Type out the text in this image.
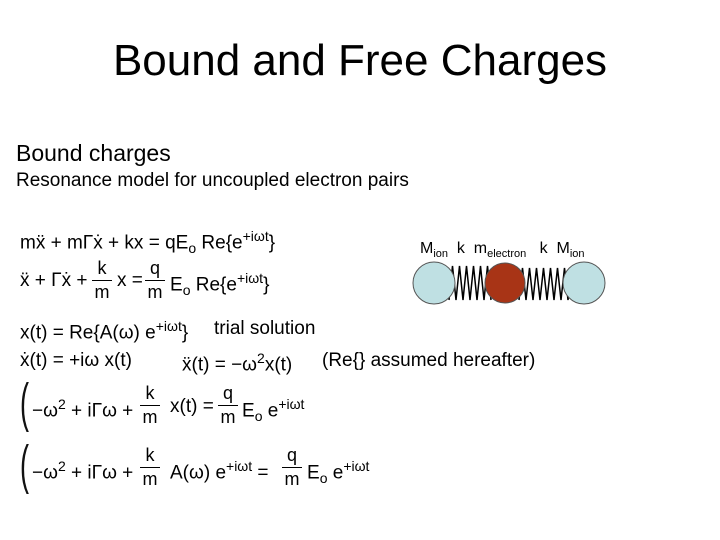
Bound and Free Charges
Bound charges
Resonance model for uncoupled electron pairs
mẍ + mΓẋ + kx = $qE_o$ $Re\{e^{+i\omega t}\}$
ẍ + Γẋ +
k
m
x =
q
m $E_o$ $Re\{e^{+i\omega t}\}$
x(t) = Re{A(ω) $e^{+i\omega t}$} trial solution
ẋ(t) = +iω x(t)	ẍ(t) = $-\omega^2x(t)$ (Re{} assumed hereafter)
( $-\omega^2 + i\Gamma\omega$ +
k
m x(t) =
q
m $E_o$ $e^{+i\omega t}$
( $-\omega^2 + i\Gamma\omega$ +
k
m A(ω) $e^{+i\omega t}$ =
q
m $E_o$ $e^{+i\omega t}$
$M_{ion}$ k $m_{electron}$ k $M_{ion}$
